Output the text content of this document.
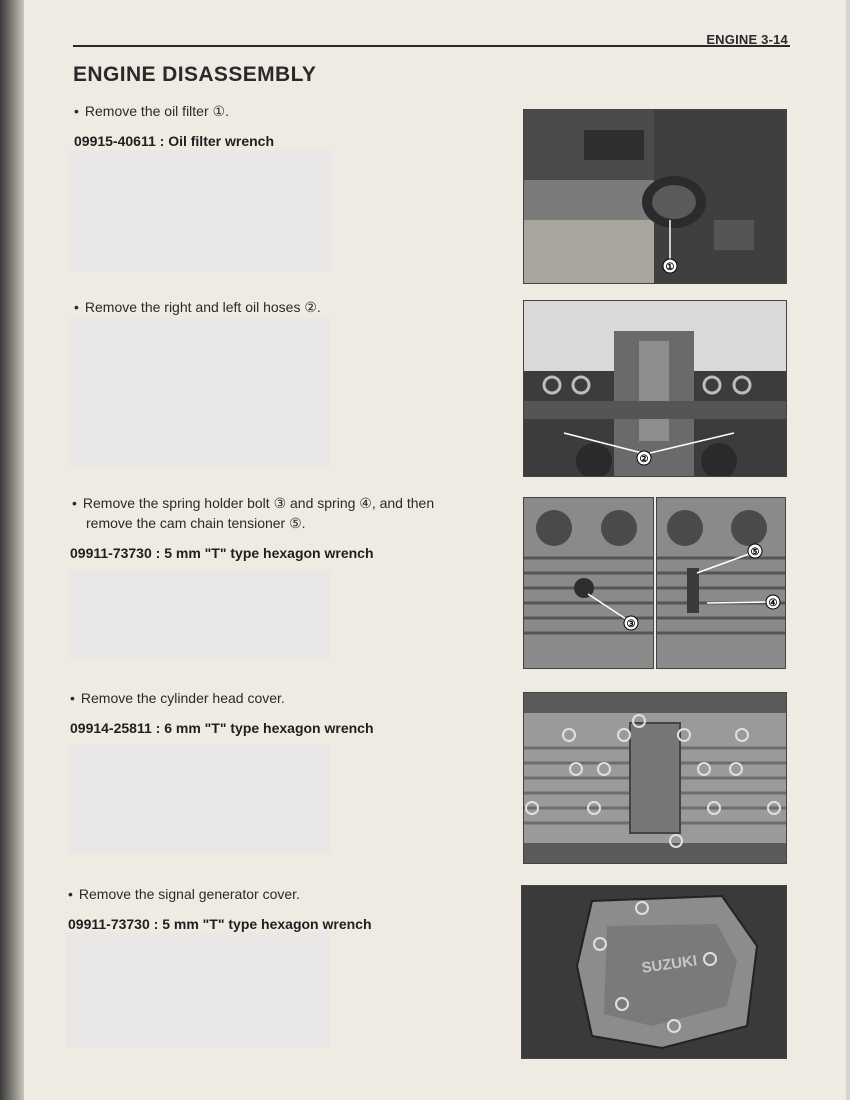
ENGINE 3-14
ENGINE DISASSEMBLY
• Remove the oil filter ①.
09915-40611 : Oil filter wrench
• Remove the right and left oil hoses ②.
• Remove the spring holder bolt ③ and spring ④, and then
remove the cam chain tensioner ⑤.
09911-73730 : 5 mm "T" type hexagon wrench
• Remove the cylinder head cover.
09914-25811 : 6 mm "T" type hexagon wrench
• Remove the signal generator cover.
09911-73730 : 5 mm "T" type hexagon wrench
①
②
③
⑤
④
SUZUKI
